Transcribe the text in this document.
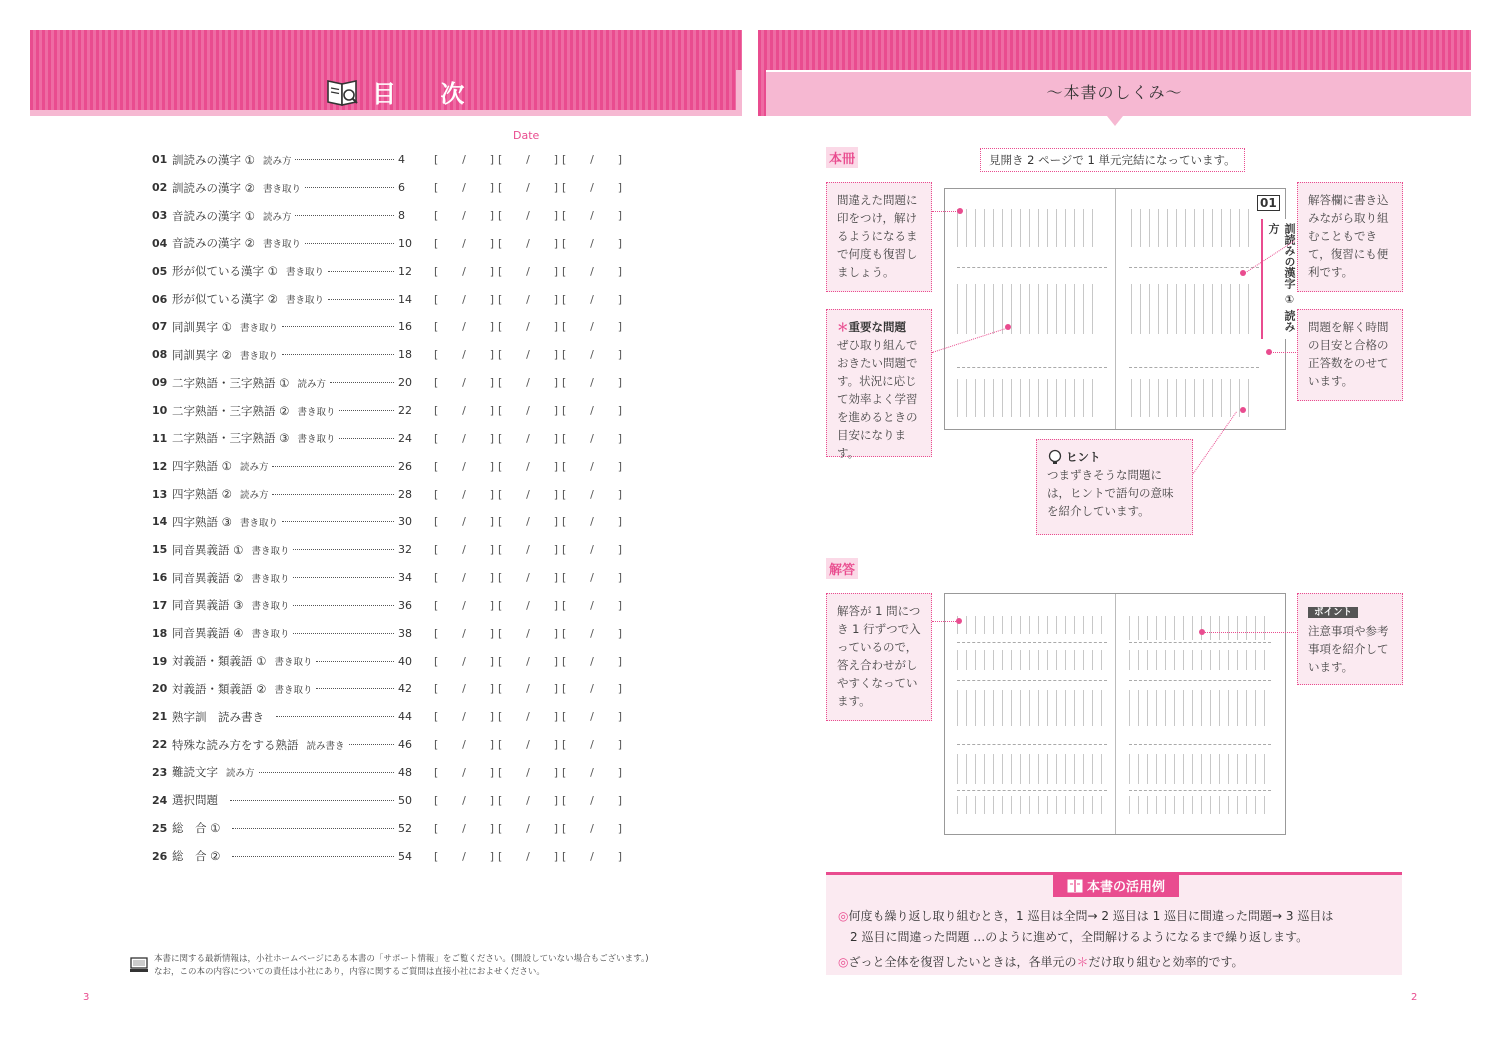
目 次
Date
01 訓読みの漢字 ① 読み方	4	[ / ] [ / ] [ / ]
02 訓読みの漢字 ② 書き取り	6	[ / ] [ / ] [ / ]
03 音読みの漢字 ① 読み方	8	[ / ] [ / ] [ / ]
04 音読みの漢字 ② 書き取り	10	[ / ] [ / ] [ / ]
05 形が似ている漢字 ① 書き取り	12	[ / ] [ / ] [ / ]
06 形が似ている漢字 ② 書き取り	14	[ / ] [ / ] [ / ]
07 同訓異字 ① 書き取り	16	[ / ] [ / ] [ / ]
08 同訓異字 ② 書き取り	18	[ / ] [ / ] [ / ]
09 二字熟語・三字熟語 ① 読み方	20	[ / ] [ / ] [ / ]
10 二字熟語・三字熟語 ② 書き取り	22	[ / ] [ / ] [ / ]
11 二字熟語・三字熟語 ③ 書き取り	24	[ / ] [ / ] [ / ]
12 四字熟語 ① 読み方	26	[ / ] [ / ] [ / ]
13 四字熟語 ② 読み方	28	[ / ] [ / ] [ / ]
14 四字熟語 ③ 書き取り	30	[ / ] [ / ] [ / ]
15 同音異義語 ① 書き取り	32	[ / ] [ / ] [ / ]
16 同音異義語 ② 書き取り	34	[ / ] [ / ] [ / ]
17 同音異義語 ③ 書き取り	36	[ / ] [ / ] [ / ]
18 同音異義語 ④ 書き取り	38	[ / ] [ / ] [ / ]
19 対義語・類義語 ① 書き取り	40	[ / ] [ / ] [ / ]
20 対義語・類義語 ② 書き取り	42	[ / ] [ / ] [ / ]
21 熟字訓　読み書き	44	[ / ] [ / ] [ / ]
22 特殊な読み方をする熟語 読み書き	46	[ / ] [ / ] [ / ]
23 難読文字 読み方	48	[ / ] [ / ] [ / ]
24 選択問題	50	[ / ] [ / ] [ / ]
25 総　合 ①	52	[ / ] [ / ] [ / ]
26 総　合 ②	54	[ / ] [ / ] [ / ]
本書に関する最新情報は，小社ホームページにある本書の「サポート情報」をご覧ください。(開設していない場合もございます。)
なお，この本の内容についての責任は小社にあり，内容に関するご質問は直接小社におよせください。
3
～本書のしくみ～
本冊	見開き 2 ページで 1 単元完結になっています。
01
訓読みの漢字 ① 読み方
間違えた問題に印をつけ，解けるようになるまで何度も復習しましょう。
＊重要な問題
ぜひ取り組んでおきたい問題です。状況に応じて効率よく学習を進めるときの目安になります。
解答欄に書き込みながら取り組むこともできて，復習にも便利です。
問題を解く時間の目安と合格の正答数をのせています。
ヒント
つまずきそうな問題には，ヒントで語句の意味を紹介しています。
解答
解答が 1 問につき 1 行ずつで入っているので，答え合わせがしやすくなっています。
ポイント
注意事項や参考事項を紹介しています。
本書の活用例
◎何度も繰り返し取り組むとき，1 巡目は全問→ 2 巡目は 1 巡目に間違った問題→ 3 巡目は
2 巡目に間違った問題 …のように進めて，全問解けるようになるまで繰り返します。
◎ざっと全体を復習したいときは，各単元の＊だけ取り組むと効率的です。
2
